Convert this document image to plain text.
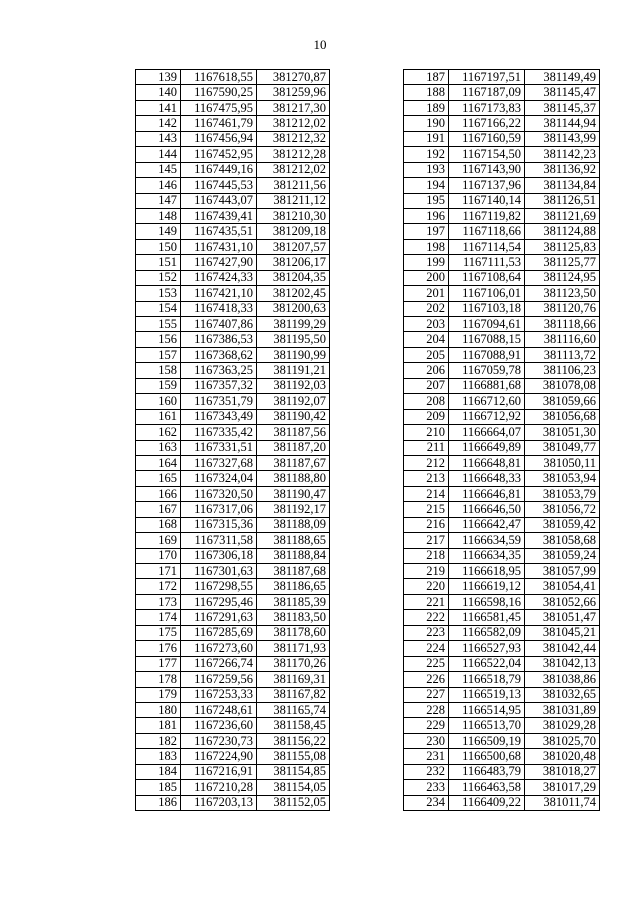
10
139	1167618,55	381270,87
140	1167590,25	381259,96
141	1167475,95	381217,30
142	1167461,79	381212,02
143	1167456,94	381212,32
144	1167452,95	381212,28
145	1167449,16	381212,02
146	1167445,53	381211,56
147	1167443,07	381211,12
148	1167439,41	381210,30
149	1167435,51	381209,18
150	1167431,10	381207,57
151	1167427,90	381206,17
152	1167424,33	381204,35
153	1167421,10	381202,45
154	1167418,33	381200,63
155	1167407,86	381199,29
156	1167386,53	381195,50
157	1167368,62	381190,99
158	1167363,25	381191,21
159	1167357,32	381192,03
160	1167351,79	381192,07
161	1167343,49	381190,42
162	1167335,42	381187,56
163	1167331,51	381187,20
164	1167327,68	381187,67
165	1167324,04	381188,80
166	1167320,50	381190,47
167	1167317,06	381192,17
168	1167315,36	381188,09
169	1167311,58	381188,65
170	1167306,18	381188,84
171	1167301,63	381187,68
172	1167298,55	381186,65
173	1167295,46	381185,39
174	1167291,63	381183,50
175	1167285,69	381178,60
176	1167273,60	381171,93
177	1167266,74	381170,26
178	1167259,56	381169,31
179	1167253,33	381167,82
180	1167248,61	381165,74
181	1167236,60	381158,45
182	1167230,73	381156,22
183	1167224,90	381155,08
184	1167216,91	381154,85
185	1167210,28	381154,05
186	1167203,13	381152,05
187	1167197,51	381149,49
188	1167187,09	381145,47
189	1167173,83	381145,37
190	1167166,22	381144,94
191	1167160,59	381143,99
192	1167154,50	381142,23
193	1167143,90	381136,92
194	1167137,96	381134,84
195	1167140,14	381126,51
196	1167119,82	381121,69
197	1167118,66	381124,88
198	1167114,54	381125,83
199	1167111,53	381125,77
200	1167108,64	381124,95
201	1167106,01	381123,50
202	1167103,18	381120,76
203	1167094,61	381118,66
204	1167088,15	381116,60
205	1167088,91	381113,72
206	1167059,78	381106,23
207	1166881,68	381078,08
208	1166712,60	381059,66
209	1166712,92	381056,68
210	1166664,07	381051,30
211	1166649,89	381049,77
212	1166648,81	381050,11
213	1166648,33	381053,94
214	1166646,81	381053,79
215	1166646,50	381056,72
216	1166642,47	381059,42
217	1166634,59	381058,68
218	1166634,35	381059,24
219	1166618,95	381057,99
220	1166619,12	381054,41
221	1166598,16	381052,66
222	1166581,45	381051,47
223	1166582,09	381045,21
224	1166527,93	381042,44
225	1166522,04	381042,13
226	1166518,79	381038,86
227	1166519,13	381032,65
228	1166514,95	381031,89
229	1166513,70	381029,28
230	1166509,19	381025,70
231	1166500,68	381020,48
232	1166483,79	381018,27
233	1166463,58	381017,29
234	1166409,22	381011,74
